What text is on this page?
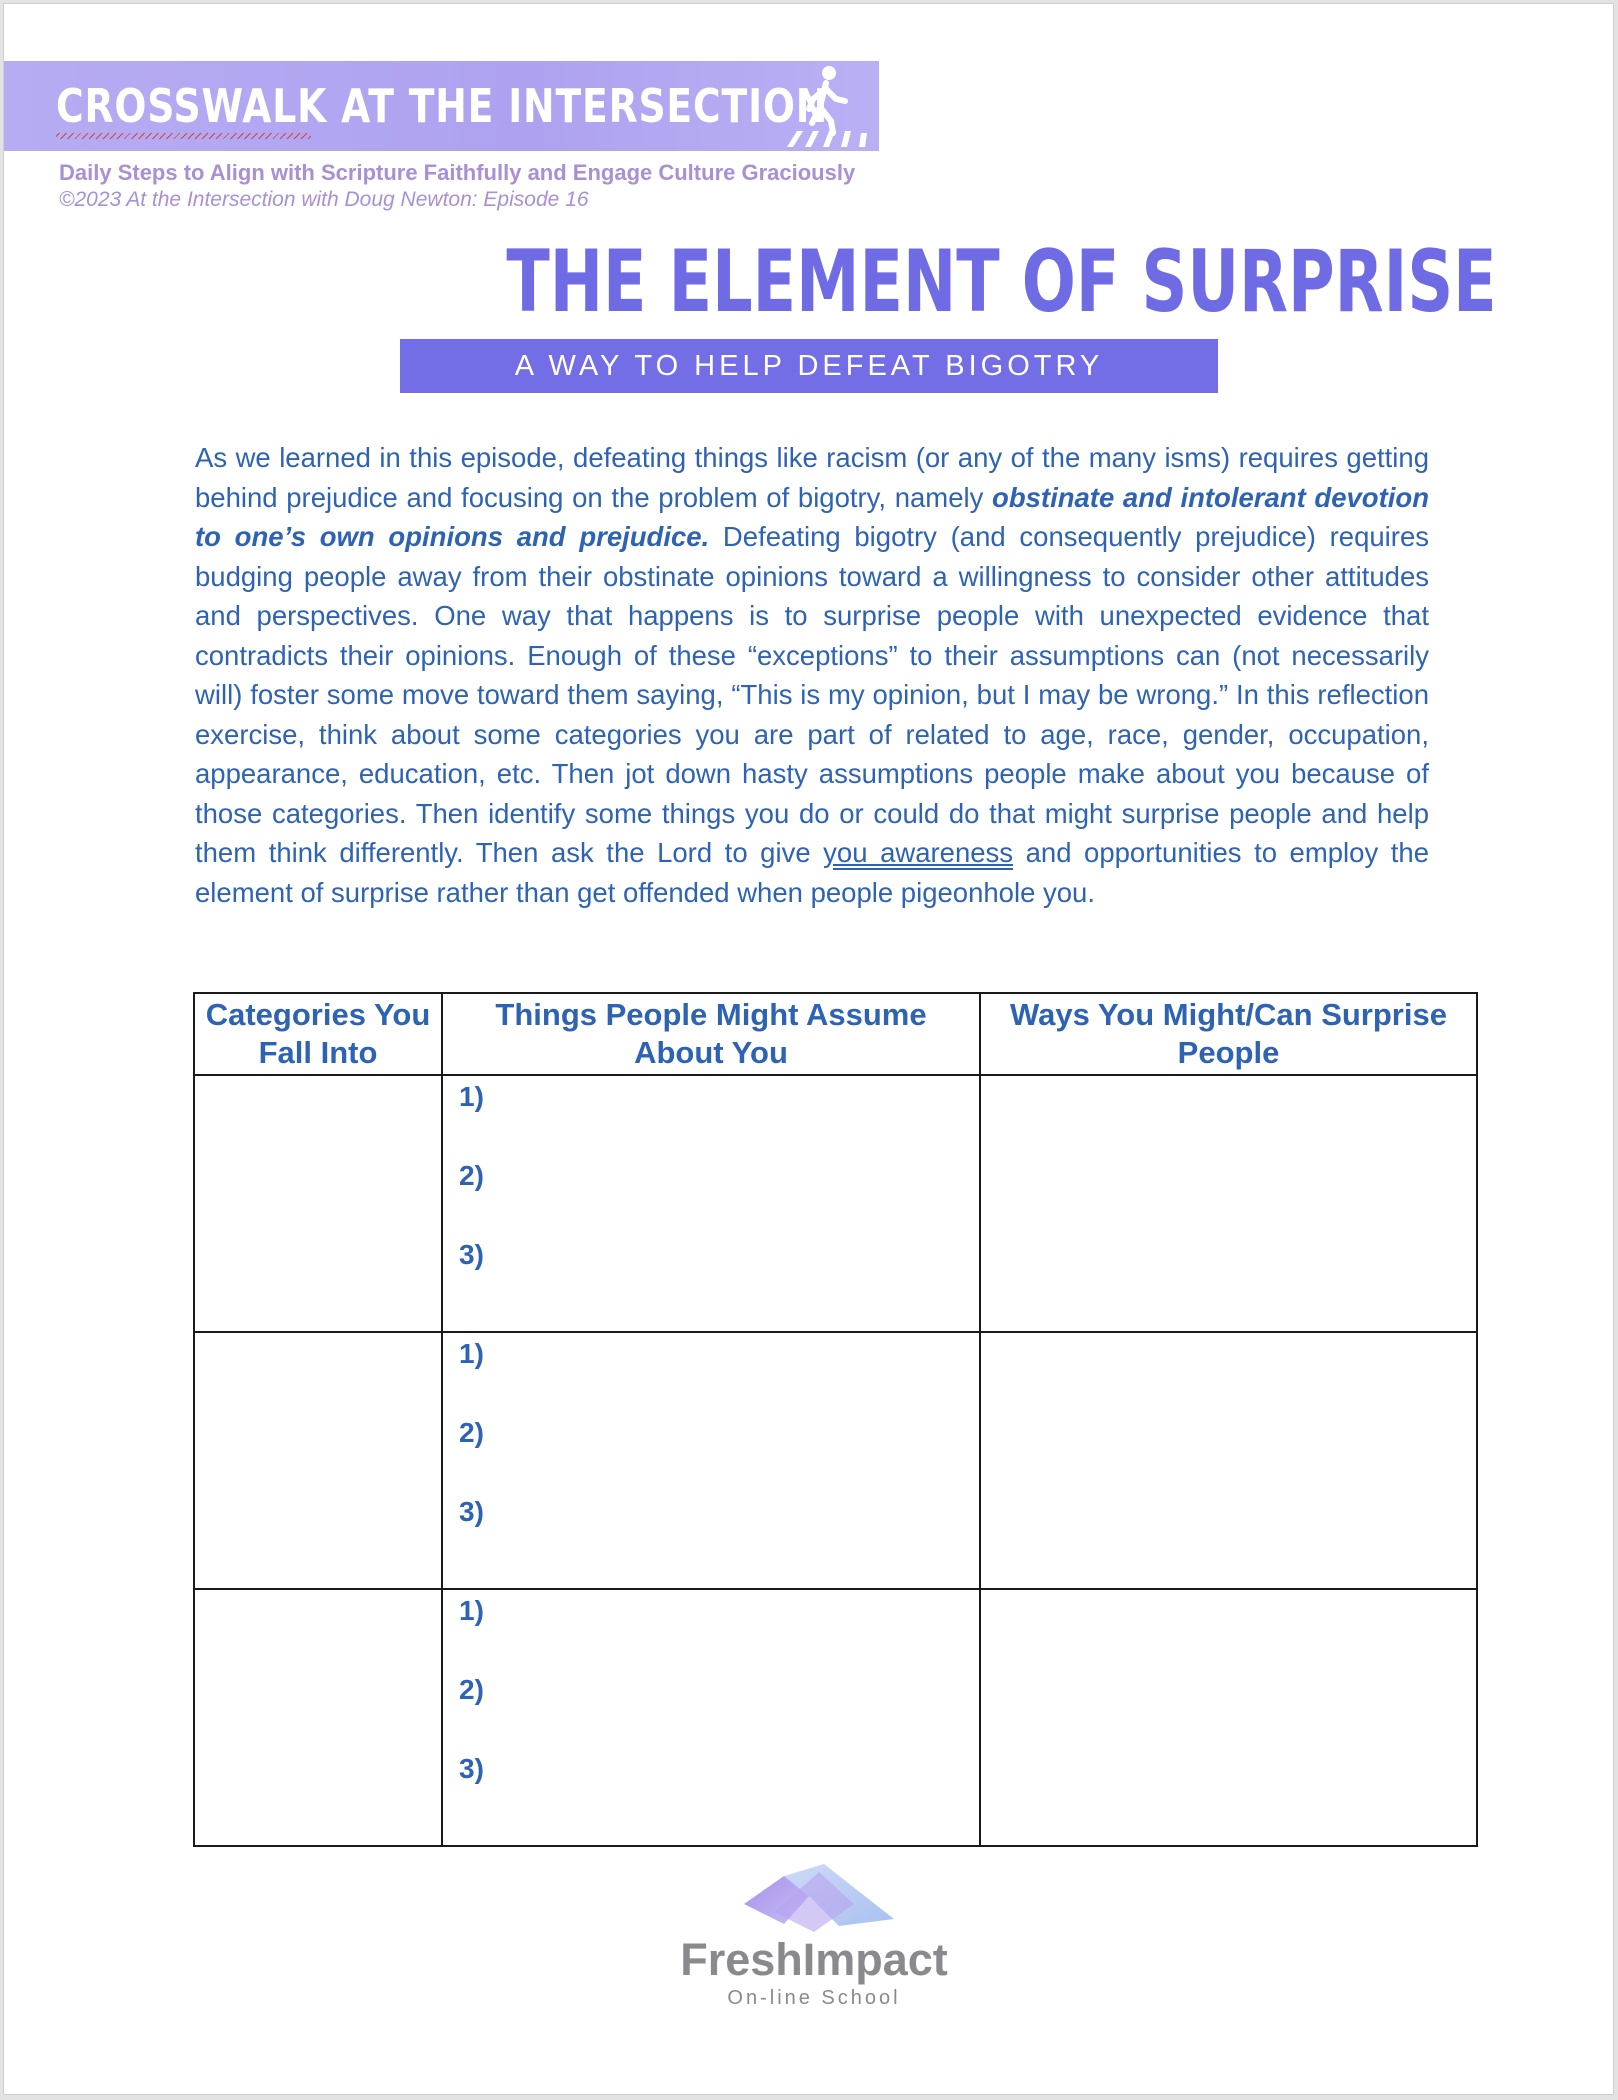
CROSSWALK AT THE INTERSECTION
Daily Steps to Align with Scripture Faithfully and Engage Culture Graciously
©2023 At the Intersection with Doug Newton: Episode 16
THE ELEMENT OF SURPRISE
A WAY TO HELP DEFEAT BIGOTRY
As we learned in this episode, defeating things like racism (or any of the many isms) requires getting behind prejudice and focusing on the problem of bigotry, namely obstinate and intolerant devotion to one’s own opinions and prejudice. Defeating bigotry (and consequently prejudice) requires budging people away from their obstinate opinions toward a willingness to consider other attitudes and perspectives. One way that happens is to surprise people with unexpected evidence that contradicts their opinions. Enough of these “exceptions” to their assumptions can (not necessarily will) foster some move toward them saying, “This is my opinion, but I may be wrong.” In this reflection exercise, think about some categories you are part of related to age, race, gender, occupation, appearance, education, etc. Then jot down hasty assumptions people make about you because of those categories. Then identify some things you do or could do that might surprise people and help them think differently. Then ask the Lord to give you awareness and opportunities to employ the element of surprise rather than get offended when people pigeonhole you.
Categories You Fall Into	Things People Might Assume About You	Ways You Might/Can Surprise People

	1)
2)
3)	

	1)
2)
3)	

	1)
2)
3)	

FreshImpact
On-line School
